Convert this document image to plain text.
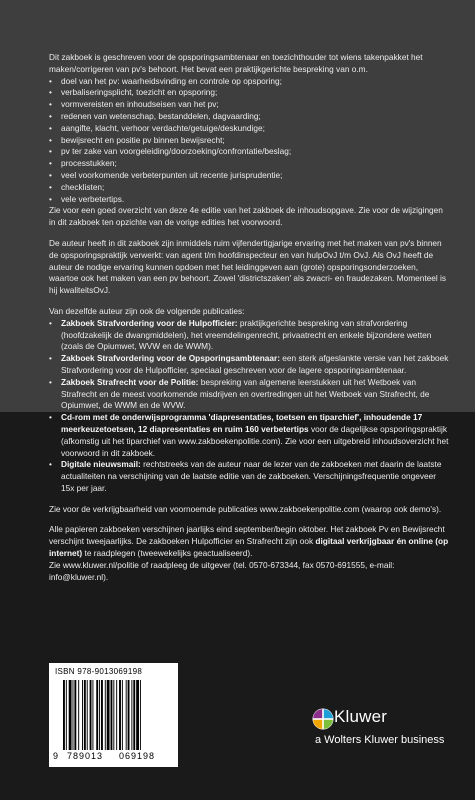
Dit zakboek is geschreven voor de opsporingsambtenaar en toezichthouder tot wiens takenpakket het maken/corrigeren van pv's behoort. Het bevat een praktijkgerichte bespreking van o.m.

• doel van het pv: waarheidsvinding en controle op opsporing;
• verbaliseringsplicht, toezicht en opsporing;
• vormvereisten en inhoudseisen van het pv;
• redenen van wetenschap, bestanddelen, dagvaarding;
• aangifte, klacht, verhoor verdachte/getuige/deskundige;
• bewijsrecht en positie pv binnen bewijsrecht;
• pv ter zake van voorgeleiding/doorzoeking/confrontatie/beslag;
• processtukken;
• veel voorkomende verbeterpunten uit recente jurisprudentie;
• checklisten;
• vele verbetertips.

Zie voor een goed overzicht van deze 4e editie van het zakboek de inhoudsopgave. Zie voor de wijzigingen in dit zakboek ten opzichte van de vorige edities het voorwoord.

De auteur heeft in dit zakboek zijn inmiddels ruim vijfendertigjarige ervaring met het maken van pv's binnen de opsporingspraktijk verwerkt: van agent t/m hoofdinspecteur en van hulpOvJ t/m OvJ. Als OvJ heeft de auteur de nodige ervaring kunnen opdoen met het leidinggeven aan (grote) opsporingsonderzoeken, waartoe ook het maken van een pv behoort. Zowel 'districtszaken' als zwacri- en fraudezaken. Momenteel is hij kwaliteitsOvJ.

Van dezelfde auteur zijn ook de volgende publicaties:

• Zakboek Strafvordering voor de Hulpofficier: praktijkgerichte bespreking van strafvordering (hoofdzakelijk de dwangmiddelen), het vreemdelingenrecht, privaatrecht en enkele bijzondere wetten (zoals de Opiumwet, WVW en de WWM).
• Zakboek Strafvordering voor de Opsporingsambtenaar: een sterk afgeslankte versie van het zakboek Strafvordering voor de Hulpofficier, speciaal geschreven voor de lagere opsporingsambtenaar.
• Zakboek Strafrecht voor de Politie: bespreking van algemene leerstukken uit het Wetboek van Strafrecht en de meest voorkomende misdrijven en overtredingen uit het Wetboek van Strafrecht, de Opiumwet, de WWM en de WVW.
• Cd-rom met de onderwijsprogramma 'diapresentaties, toetsen en tiparchief', inhoudende 17 meerkeuzetoetsen, 12 diapresentaties en ruim 160 verbetertips voor de dagelijkse opsporingspraktijk (afkomstig uit het tiparchief van www.zakboekenpolitie.com). Zie voor een uitgebreid inhoudsoverzicht het voorwoord in dit zakboek.
• Digitale nieuwsmail: rechtstreeks van de auteur naar de lezer van de zakboeken met daarin de laatste actualiteiten na verschijning van de laatste editie van de zakboeken. Verschijningsfrequentie ongeveer 15x per jaar.

Zie voor de verkrijgbaarheid van voornoemde publicaties www.zakboekenpolitie.com (waarop ook demo's).

Alle papieren zakboeken verschijnen jaarlijks eind september/begin oktober. Het zakboek Pv en Bewijsrecht verschijnt tweejaarlijks. De zakboeken Hulpofficier en Strafrecht zijn ook digitaal verkrijgbaar én online (op internet) te raadplegen (tweewekelijks geactualiseerd).

Zie www.kluwer.nl/politie of raadpleeg de uitgever (tel. 0570-673344, fax 0570-691555, e-mail: info@kluwer.nl).

ISBN 978-9013069198
9 789013 069198
Kluwer
a Wolters Kluwer business
